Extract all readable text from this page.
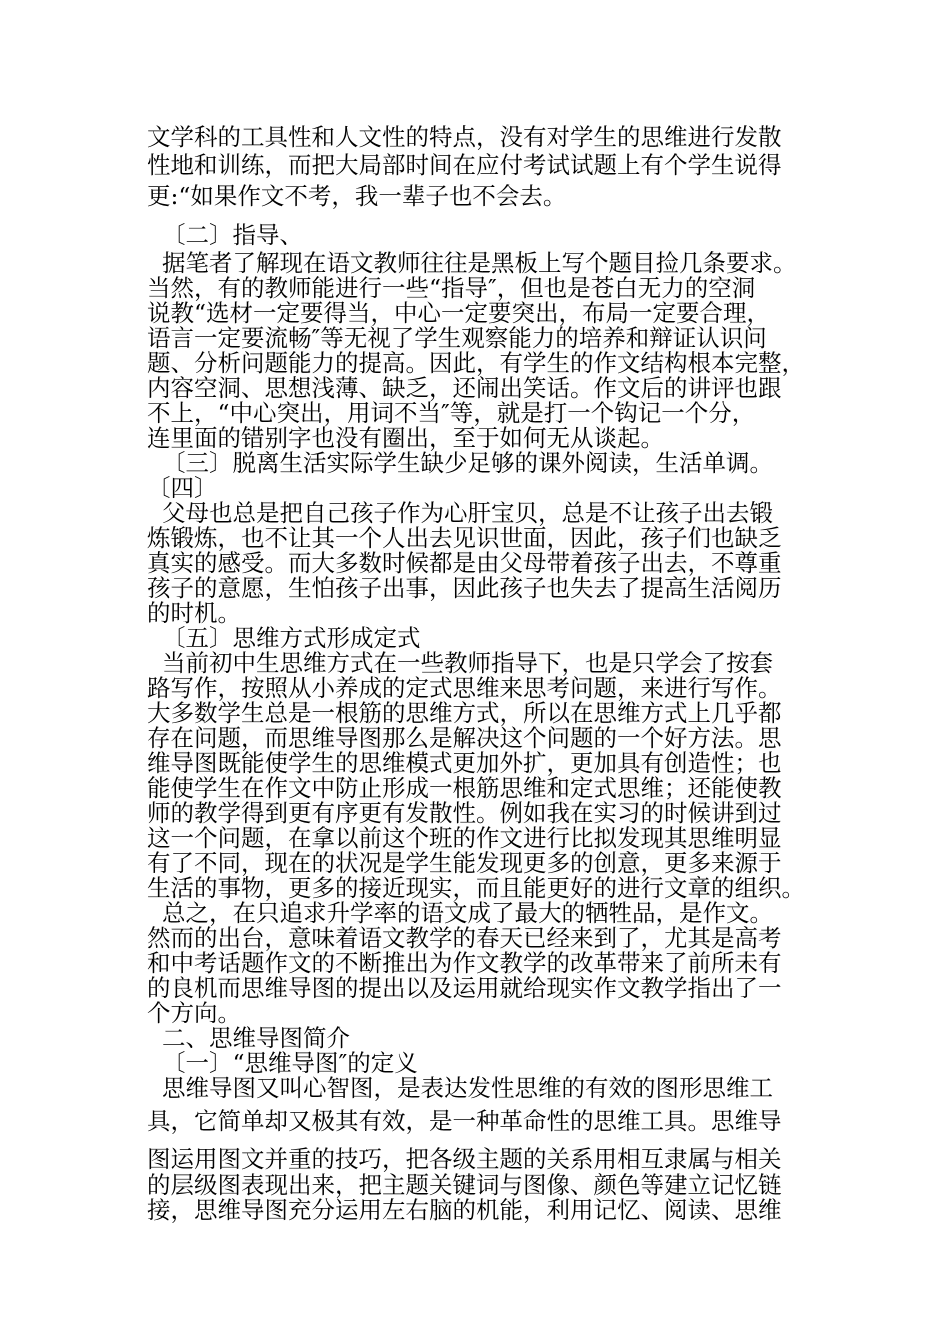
文学科的工具性和人文性的特点，没有对学生的思维进行发散
性地和训练，而把大局部时间在应付考试试题上有个学生说得
更:“如果作文不考，我一辈子也不会去。
〔二〕指导、
据笔者了解现在语文教师往往是黑板上写个题目捡几条要求。
当然，有的教师能进行一些“指导″，但也是苍白无力的空洞
说教“选材一定要得当，中心一定要突出，布局一定要合理，
语言一定要流畅″等无视了学生观察能力的培养和辩证认识问
题、分析问题能力的提高。因此，有学生的作文结构根本完整，
内容空洞、思想浅薄、缺乏，还闹出笑话。作文后的讲评也跟
不上，“中心突出，用词不当″等，就是打一个钩记一个分，
连里面的错别字也没有圈出，至于如何无从谈起。
〔三〕脱离生活实际学生缺少足够的课外阅读，生活单调。
〔四〕
父母也总是把自己孩子作为心肝宝贝，总是不让孩子出去锻
炼锻炼，也不让其一个人出去见识世面，因此，孩子们也缺乏
真实的感受。而大多数时候都是由父母带着孩子出去，不尊重
孩子的意愿，生怕孩子出事，因此孩子也失去了提高生活阅历
的时机。
〔五〕思维方式形成定式
当前初中生思维方式在一些教师指导下，也是只学会了按套
路写作，按照从小养成的定式思维来思考问题，来进行写作。
大多数学生总是一根筋的思维方式，所以在思维方式上几乎都
存在问题，而思维导图那么是解决这个问题的一个好方法。思
维导图既能使学生的思维模式更加外扩，更加具有创造性；也
能使学生在作文中防止形成一根筋思维和定式思维；还能使教
师的教学得到更有序更有发散性。例如我在实习的时候讲到过
这一个问题，在拿以前这个班的作文进行比拟发现其思维明显
有了不同，现在的状况是学生能发现更多的创意，更多来源于
生活的事物，更多的接近现实，而且能更好的进行文章的组织。
总之，在只追求升学率的语文成了最大的牺牲品，是作文。
然而的出台，意味着语文教学的春天已经来到了，尤其是高考
和中考话题作文的不断推出为作文教学的改革带来了前所未有
的良机而思维导图的提出以及运用就给现实作文教学指出了一
个方向。
二、思维导图简介
〔一〕“思维导图″的定义
思维导图又叫心智图，是表达发性思维的有效的图形思维工
具，它简单却又极其有效，是一种革命性的思维工具。思维导
图运用图文并重的技巧，把各级主题的关系用相互隶属与相关
的层级图表现出来，把主题关键词与图像、颜色等建立记忆链
接，思维导图充分运用左右脑的机能，利用记忆、阅读、思维
